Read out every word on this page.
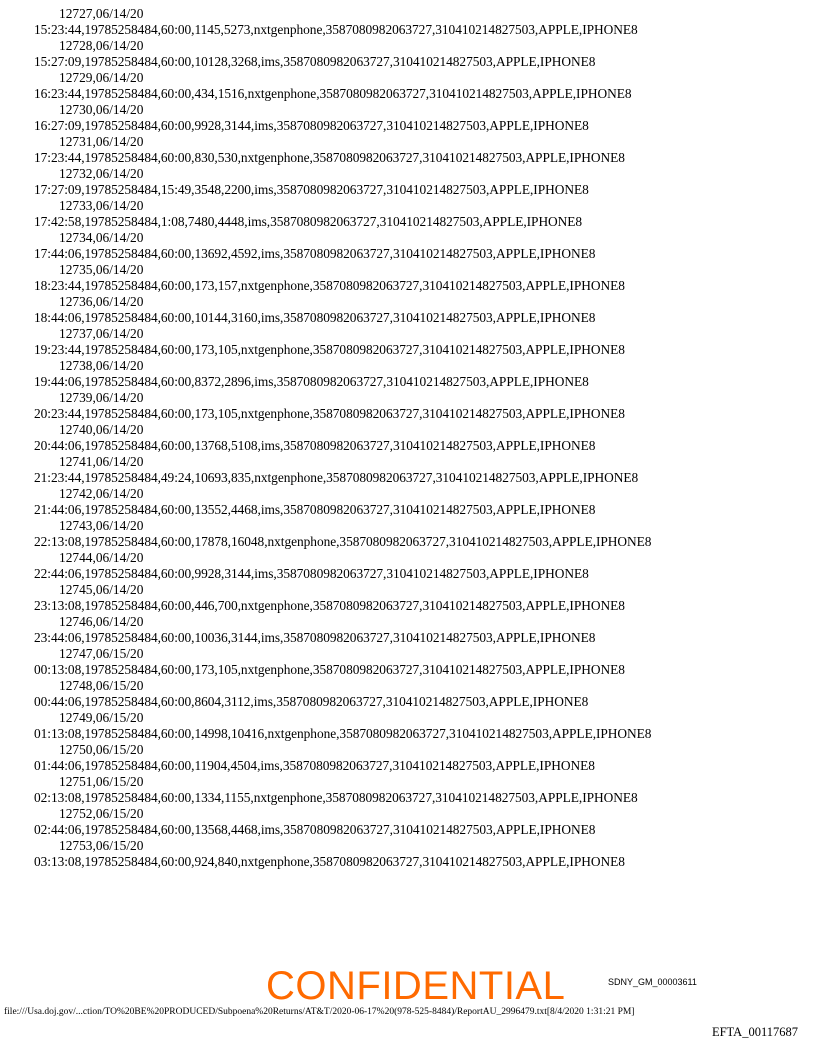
12727,06/14/20
15:23:44,19785258484,60:00,1145,5273,nxtgenphone,3587080982063727,310410214827503,APPLE,IPHONE8
12728,06/14/20
15:27:09,19785258484,60:00,10128,3268,ims,3587080982063727,310410214827503,APPLE,IPHONE8
12729,06/14/20
16:23:44,19785258484,60:00,434,1516,nxtgenphone,3587080982063727,310410214827503,APPLE,IPHONE8
12730,06/14/20
16:27:09,19785258484,60:00,9928,3144,ims,3587080982063727,310410214827503,APPLE,IPHONE8
12731,06/14/20
17:23:44,19785258484,60:00,830,530,nxtgenphone,3587080982063727,310410214827503,APPLE,IPHONE8
12732,06/14/20
17:27:09,19785258484,15:49,3548,2200,ims,3587080982063727,310410214827503,APPLE,IPHONE8
12733,06/14/20
17:42:58,19785258484,1:08,7480,4448,ims,3587080982063727,310410214827503,APPLE,IPHONE8
12734,06/14/20
17:44:06,19785258484,60:00,13692,4592,ims,3587080982063727,310410214827503,APPLE,IPHONE8
12735,06/14/20
18:23:44,19785258484,60:00,173,157,nxtgenphone,3587080982063727,310410214827503,APPLE,IPHONE8
12736,06/14/20
18:44:06,19785258484,60:00,10144,3160,ims,3587080982063727,310410214827503,APPLE,IPHONE8
12737,06/14/20
19:23:44,19785258484,60:00,173,105,nxtgenphone,3587080982063727,310410214827503,APPLE,IPHONE8
12738,06/14/20
19:44:06,19785258484,60:00,8372,2896,ims,3587080982063727,310410214827503,APPLE,IPHONE8
12739,06/14/20
20:23:44,19785258484,60:00,173,105,nxtgenphone,3587080982063727,310410214827503,APPLE,IPHONE8
12740,06/14/20
20:44:06,19785258484,60:00,13768,5108,ims,3587080982063727,310410214827503,APPLE,IPHONE8
12741,06/14/20
21:23:44,19785258484,49:24,10693,835,nxtgenphone,3587080982063727,310410214827503,APPLE,IPHONE8
12742,06/14/20
21:44:06,19785258484,60:00,13552,4468,ims,3587080982063727,310410214827503,APPLE,IPHONE8
12743,06/14/20
22:13:08,19785258484,60:00,17878,16048,nxtgenphone,3587080982063727,310410214827503,APPLE,IPHONE8
12744,06/14/20
22:44:06,19785258484,60:00,9928,3144,ims,3587080982063727,310410214827503,APPLE,IPHONE8
12745,06/14/20
23:13:08,19785258484,60:00,446,700,nxtgenphone,3587080982063727,310410214827503,APPLE,IPHONE8
12746,06/14/20
23:44:06,19785258484,60:00,10036,3144,ims,3587080982063727,310410214827503,APPLE,IPHONE8
12747,06/15/20
00:13:08,19785258484,60:00,173,105,nxtgenphone,3587080982063727,310410214827503,APPLE,IPHONE8
12748,06/15/20
00:44:06,19785258484,60:00,8604,3112,ims,3587080982063727,310410214827503,APPLE,IPHONE8
12749,06/15/20
01:13:08,19785258484,60:00,14998,10416,nxtgenphone,3587080982063727,310410214827503,APPLE,IPHONE8
12750,06/15/20
01:44:06,19785258484,60:00,11904,4504,ims,3587080982063727,310410214827503,APPLE,IPHONE8
12751,06/15/20
02:13:08,19785258484,60:00,1334,1155,nxtgenphone,3587080982063727,310410214827503,APPLE,IPHONE8
12752,06/15/20
02:44:06,19785258484,60:00,13568,4468,ims,3587080982063727,310410214827503,APPLE,IPHONE8
12753,06/15/20
03:13:08,19785258484,60:00,924,840,nxtgenphone,3587080982063727,310410214827503,APPLE,IPHONE8
SDNY_GM_00003611
CONFIDENTIAL
file:///Usa.doj.gov/...ction/TO%20BE%20PRODUCED/Subpoena%20Returns/AT&T/2020-06-17%20(978-525-8484)/ReportAU_2996479.txt[8/4/2020 1:31:21 PM]
EFTA_00117687
